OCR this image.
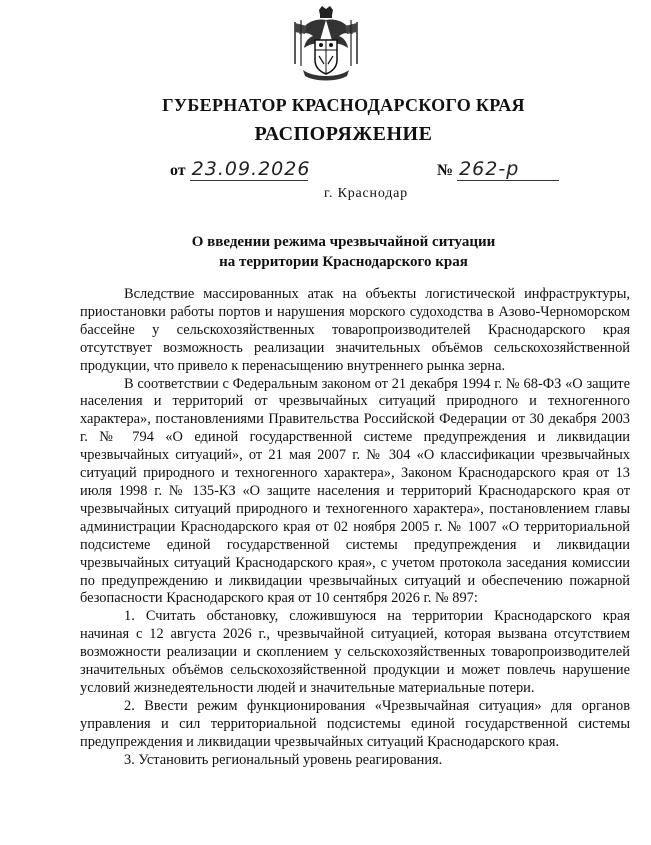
ГУБЕРНАТОР КРАСНОДАРСКОГО КРАЯ
РАСПОРЯЖЕНИЕ
от 23.09.2026	№ 262-р
г. Краснодар
О введении режима чрезвычайной ситуации
на территории Краснодарского края

Вследствие массированных атак на объекты логистической инфраструктуры, приостановки работы портов и нарушения морского судоходства в Азово-Черноморском бассейне у сельскохозяйственных товаропроизводителей Краснодарского края отсутствует возможность реализации значительных объёмов сельскохозяйственной продукции, что привело к перенасыщению внутреннего рынка зерна.

В соответствии с Федеральным законом от 21 декабря 1994 г. № 68-ФЗ «О защите населения и территорий от чрезвычайных ситуаций природного и техногенного характера», постановлениями Правительства Российской Федерации от 30 декабря 2003 г. № 794 «О единой государственной системе предупреждения и ликвидации чрезвычайных ситуаций», от 21 мая 2007 г. № 304 «О классификации чрезвычайных ситуаций природного и техногенного характера», Законом Краснодарского края от 13 июля 1998 г. № 135-КЗ «О защите населения и территорий Краснодарского края от чрезвычайных ситуаций природного и техногенного характера», постановлением главы администрации Краснодарского края от 02 ноября 2005 г. № 1007 «О территориальной подсистеме единой государственной системы предупреждения и ликвидации чрезвычайных ситуаций Краснодарского края», с учетом протокола заседания комиссии по предупреждению и ликвидации чрезвычайных ситуаций и обеспечению пожарной безопасности Краснодарского края от 10 сентября 2026 г. № 897:

1. Считать обстановку, сложившуюся на территории Краснодарского края начиная с 12 августа 2026 г., чрезвычайной ситуацией, которая вызвана отсутствием возможности реализации и скоплением у сельскохозяйственных товаропроизводителей значительных объёмов сельскохозяйственной продукции и может повлечь нарушение условий жизнедеятельности людей и значительные материальные потери.

2. Ввести режим функционирования «Чрезвычайная ситуация» для органов управления и сил территориальной подсистемы единой государственной системы предупреждения и ликвидации чрезвычайных ситуаций Краснодарского края.

3. Установить региональный уровень реагирования.
